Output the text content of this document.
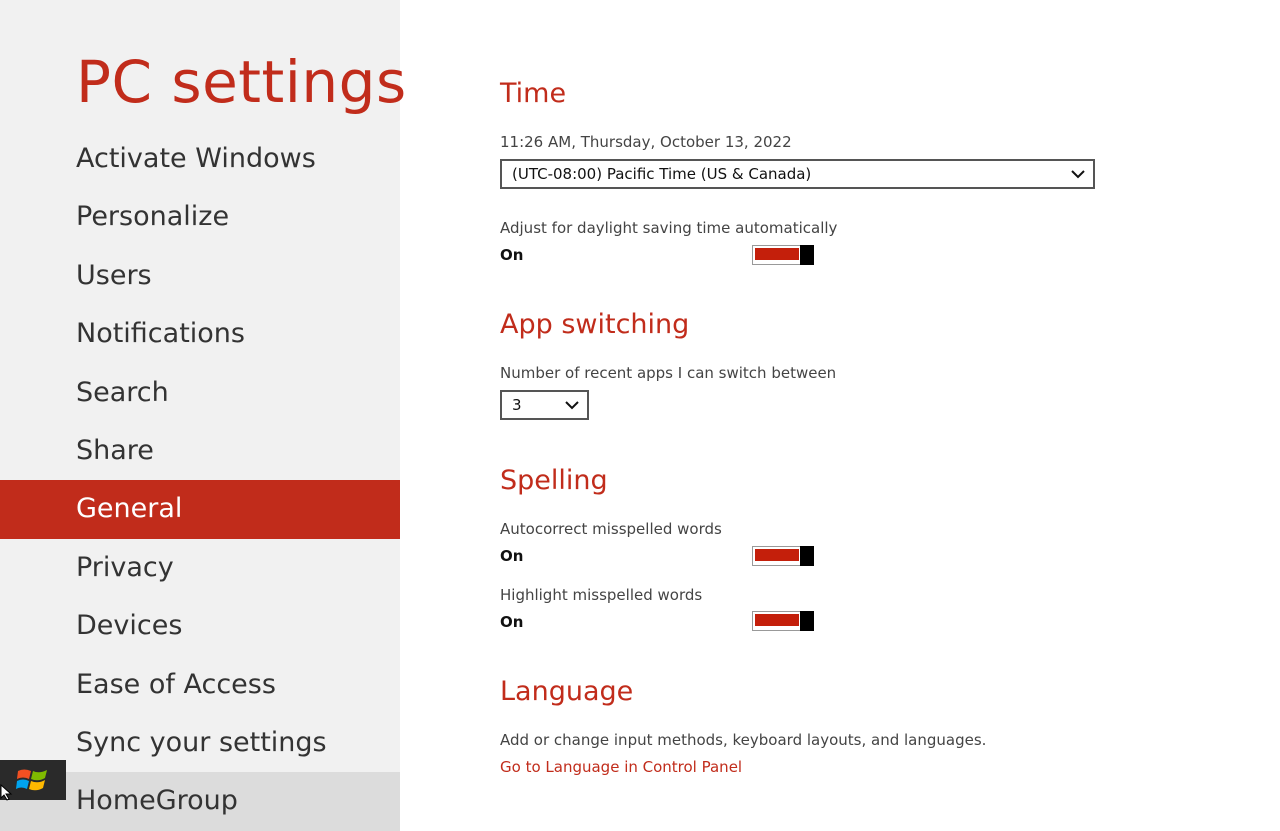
PC settings
Activate Windows
Personalize
Users
Notifications
Search
Share
General
Privacy
Devices
Ease of Access
Sync your settings
HomeGroup
Time
11:26 AM, Thursday, October 13, 2022
(UTC-08:00) Pacific Time (US & Canada)
Adjust for daylight saving time automatically
On
App switching
Number of recent apps I can switch between
3
Spelling
Autocorrect misspelled words
On
Highlight misspelled words
On
Language
Add or change input methods, keyboard layouts, and languages.
Go to Language in Control Panel
